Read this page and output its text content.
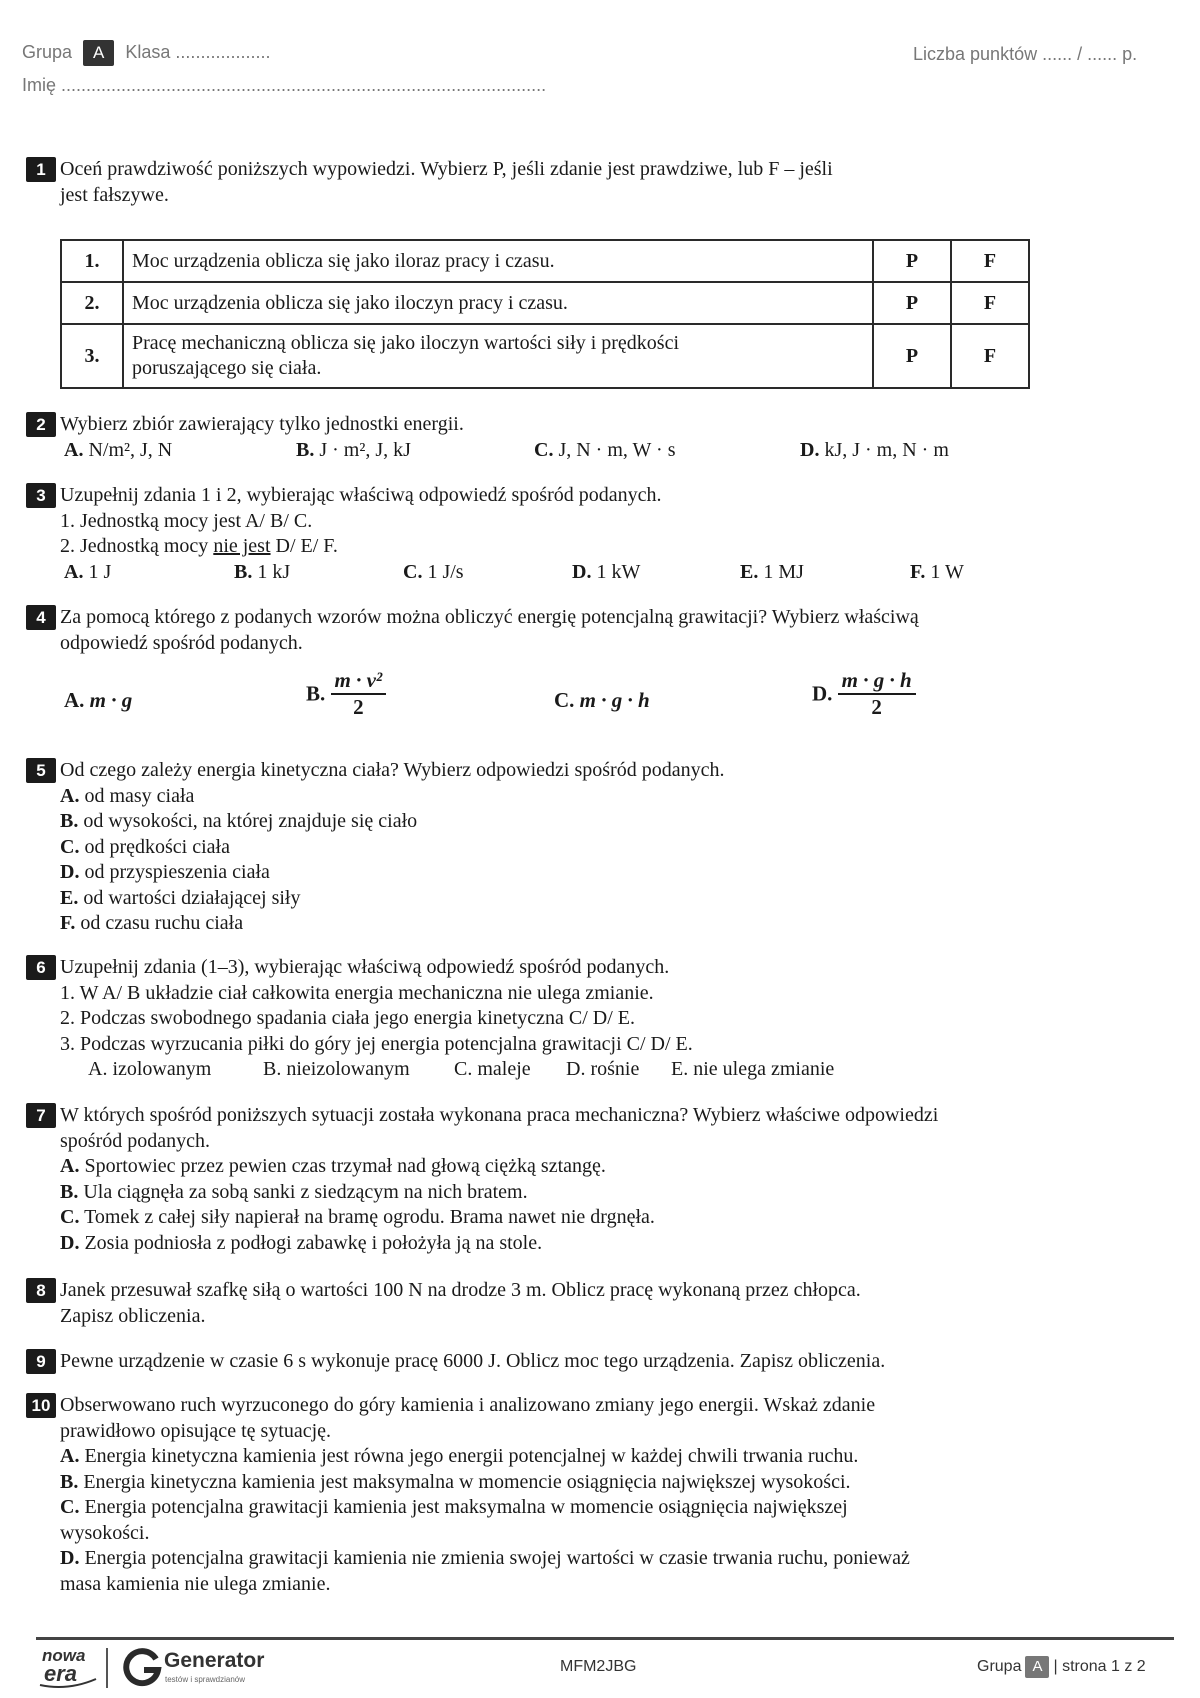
Grupa A Klasa ...................	Liczba punktów ...... / ...... p.
Imię .................................................................................................
1 Oceń prawdziwość poniższych wypowiedzi. Wybierz P, jeśli zdanie jest prawdziwe, lub F – jeśli
jest fałszywe.
1.	Moc urządzenia oblicza się jako iloraz pracy i czasu.	P	F
2.	Moc urządzenia oblicza się jako iloczyn pracy i czasu.	P	F
3.	Pracę mechaniczną oblicza się jako iloczyn wartości siły i prędkości
poruszającego się ciała.	P	F
2 Wybierz zbiór zawierający tylko jednostki energii.
A. N/m², J, N	B. J · m², J, kJ	C. J, N · m, W · s	D. kJ, J · m, N · m
3 Uzupełnij zdania 1 i 2, wybierając właściwą odpowiedź spośród podanych.
1. Jednostką mocy jest A/ B/ C.
2. Jednostką mocy nie jest D/ E/ F.
A. 1 J	B. 1 kJ	C. 1 J/s	D. 1 kW	E. 1 MJ	F. 1 W
4 Za pomocą którego z podanych wzorów można obliczyć energię potencjalną grawitacji? Wybierz właściwą
odpowiedź spośród podanych.
A. m · g	B. $\frac{\text{m · v²}}{2}$	C. m · g · h	D. $\frac{m \cdot g \cdot h}{2}$
5 Od czego zależy energia kinetyczna ciała? Wybierz odpowiedzi spośród podanych.
A. od masy ciała
B. od wysokości, na której znajduje się ciało
C. od prędkości ciała
D. od przyspieszenia ciała
E. od wartości działającej siły
F. od czasu ruchu ciała
6 Uzupełnij zdania (1–3), wybierając właściwą odpowiedź spośród podanych.
1. W A/ B układzie ciał całkowita energia mechaniczna nie ulega zmianie.
2. Podczas swobodnego spadania ciała jego energia kinetyczna C/ D/ E.
3. Podczas wyrzucania piłki do góry jej energia potencjalna grawitacji C/ D/ E.
A. izolowanym	B. nieizolowanym C. maleje D. rośnie E. nie ulega zmianie
7 W których spośród poniższych sytuacji została wykonana praca mechaniczna? Wybierz właściwe odpowiedzi
spośród podanych.
A. Sportowiec przez pewien czas trzymał nad głową ciężką sztangę.
B. Ula ciągnęła za sobą sanki z siedzącym na nich bratem.
C. Tomek z całej siły napierał na bramę ogrodu. Brama nawet nie drgnęła.
D. Zosia podniosła z podłogi zabawkę i położyła ją na stole.
8 Janek przesuwał szafkę siłą o wartości 100 N na drodze 3 m. Oblicz pracę wykonaną przez chłopca.
Zapisz obliczenia.
9 Pewne urządzenie w czasie 6 s wykonuje pracę 6000 J. Oblicz moc tego urządzenia. Zapisz obliczenia.
10 Obserwowano ruch wyrzuconego do góry kamienia i analizowano zmiany jego energii. Wskaż zdanie
prawidłowo opisujące tę sytuację.
A. Energia kinetyczna kamienia jest równa jego energii potencjalnej w każdej chwili trwania ruchu.
B. Energia kinetyczna kamienia jest maksymalna w momencie osiągnięcia największej wysokości.
C. Energia potencjalna grawitacji kamienia jest maksymalna w momencie osiągnięcia największej
wysokości.
D. Energia potencjalna grawitacji kamienia nie zmienia swojej wartości w czasie trwania ruchu, ponieważ
masa kamienia nie ulega zmianie.
nowa
era
Generator
testów i sprawdzianów
MFM2JBG	Grupa A | strona 1 z 2
